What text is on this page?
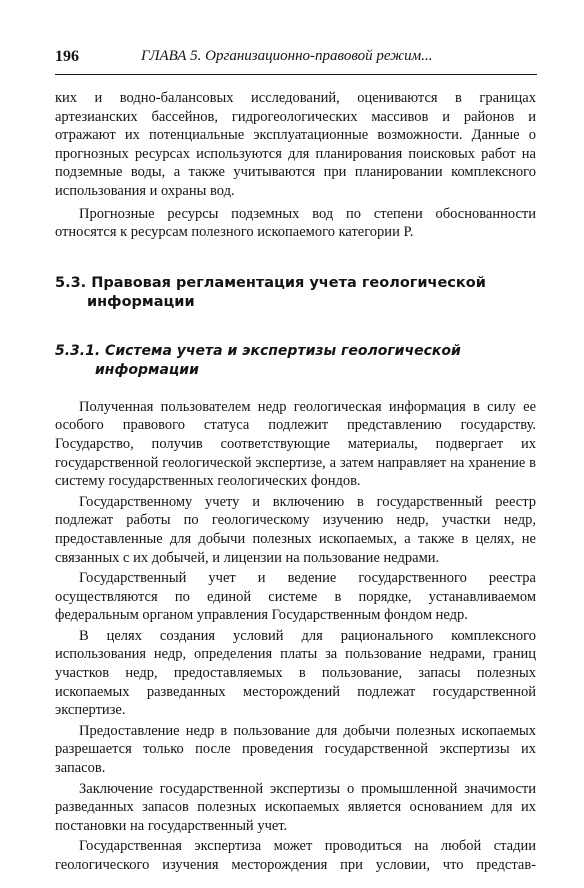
196	ГЛАВА 5. Организационно-правовой режим...

ких и водно-балансовых исследований, оцениваются в границах артезианских бассейнов, гидрогеологических массивов и районов и отражают их потенциальные эксплуатационные возможности. Данные о прогнозных ресурсах используются для планирования поисковых работ на подземные воды, а также учитываются при планировании комплексного использования и охраны вод.

Прогнозные ресурсы подземных вод по степени обоснованности относятся к ресурсам полезного ископаемого категории Р.

5.3. Правовая регламентация учета геологической информации
5.3.1. Система учета и экспертизы геологической информации

Полученная пользователем недр геологическая информация в силу ее особого правового статуса подлежит представлению государству. Государство, получив соответствующие материалы, подвергает их государственной геологической экспертизе, а затем направляет на хранение в систему государственных геологических фондов.

Государственному учету и включению в государственный реестр подлежат работы по геологическому изучению недр, участки недр, предоставленные для добычи полезных ископаемых, а также в целях, не связанных с их добычей, и лицензии на пользование недрами.

Государственный учет и ведение государственного реестра осуществляются по единой системе в порядке, устанавливаемом федеральным органом управления Государственным фондом недр.

В целях создания условий для рационального комплексного использования недр, определения платы за пользование недрами, границ участков недр, предоставляемых в пользование, запасы полезных ископаемых разведанных месторождений подлежат государственной экспертизе.

Предоставление недр в пользование для добычи полезных ископаемых разрешается только после проведения государственной экспертизы их запасов.

Заключение государственной экспертизы о промышленной значимости разведанных запасов полезных ископаемых является основанием для их постановки на государственный учет.

Государственная экспертиза может проводиться на любой стадии геологического изучения месторождения при условии, что представ-
